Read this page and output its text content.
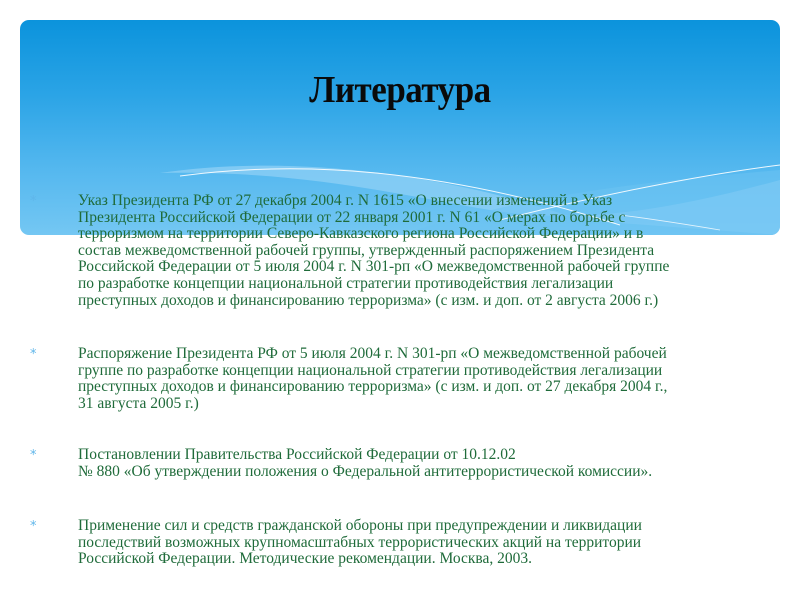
Литература
*	Указ Президента РФ от 27 декабря 2004 г. N 1615 «О внесении изменений в Указ
Президента Российской Федерации от 22 января 2001 г. N 61 «О мерах по борьбе с
терроризмом на территории Северо-Кавказского региона Российской Федерации» и в
состав межведомственной рабочей группы, утвержденный распоряжением Президента
Российской Федерации от 5 июля 2004 г. N 301-рп «О межведомственной рабочей группе
по разработке концепции национальной стратегии противодействия легализации
преступных доходов и финансированию терроризма» (с изм. и доп. от 2 августа 2006 г.)
*	Распоряжение Президента РФ от 5 июля 2004 г. N 301-рп «О межведомственной рабочей
группе по разработке концепции национальной стратегии противодействия легализации
преступных доходов и финансированию терроризма» (с изм. и доп. от 27 декабря 2004 г.,
31 августа 2005 г.)
*	Постановлении Правительства Российской Федерации от 10.12.02
№ 880 «Об утверждении положения о Федеральной антитеррористической комиссии».
*	Применение сил и средств гражданской обороны при предупреждении и ликвидации
последствий возможных крупномасштабных террористических акций на территории
Российской Федерации. Методические рекомендации. Москва, 2003.
